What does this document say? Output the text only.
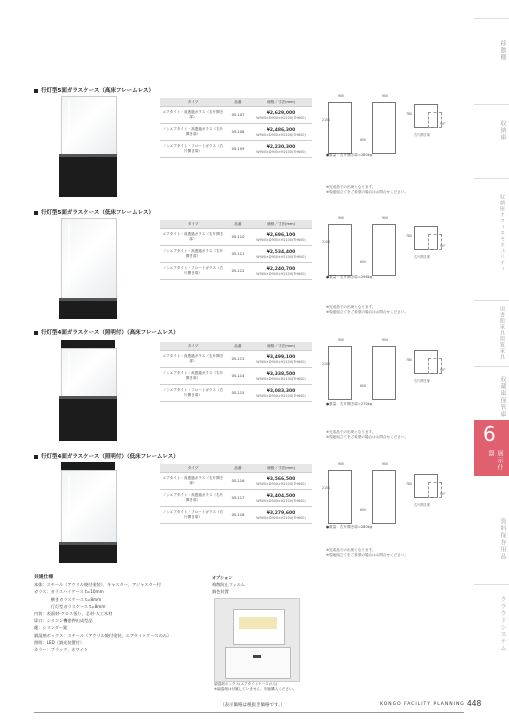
移動棚
収納庫
収納庫オフィスセキュリティ
図書館家具閲覧家具
収蔵庫保管庫
6
展示什器
資料保存用品
クラウドシステム
行灯型5面ガラスケース（高床フレームレス）
タイプ	品番	価格／寸法(mm)
エアタイト・高透過ガラス（右片開き扉）	05-107	¥2,629,000
W900×D900×H2100(TH600)

ノンエアタイト・高透過ガラス（右片開き扉）	05-108	¥2,486,300
W900×D900×H2100(TH600)

ノンエアタイト・フロートガラス（右片開き扉）	05-109	¥2,230,300
W900×D900×H2100(TH600)
900	900
2100
600
90°
右片開き扉
780
●重量：右片開き扉=280kg
※完成品での出荷となります。
※現地組立てをご希望の場合はお問合せください。
行灯型5面ガラスケース（低床フレームレス）
タイプ	品番	価格／寸法(mm)
エアタイト・高透過ガラス（右片開き扉）	05-110	¥2,696,100
W900×D900×H2100(TH600)

ノンエアタイト・高透過ガラス（右片開き扉）	05-111	¥2,534,400
W900×D900×H2100(TH600)

ノンエアタイト・フロートガラス（右片開き扉）	05-112	¥2,240,700
W900×D900×H2100(TH600)
900	900
2100
600
90°
右片開き扉
780
●重量：右片開き扉=296kg
※完成品での出荷となります。
※現地組立てをご希望の場合はお問合せください。
行灯型4面ガラスケース（照明付）（高床フレームレス）
タイプ	品番	価格／寸法(mm)
エアタイト・高透過ガラス（右片開き扉）	05-113	¥3,499,100
W900×D900×H2100(TH600)

ノンエアタイト・高透過ガラス（右片開き扉）	05-114	¥3,338,500
W900×D900×H2100(TH600)

ノンエアタイト・フロートガラス（右片開き扉）	05-115	¥3,083,300
W900×D900×H2100(TH600)
900	900
2100
600
90°
右片開き扉
780
●重量：右片開き扉=270kg
※完成品での出荷となります。
※現地組立てをご希望の場合はお問合せください。
行灯型4面ガラスケース（照明付）（低床フレームレス）
タイプ	品番	価格／寸法(mm)
エアタイト・高透過ガラス（右片開き扉）	05-116	¥3,566,500
W900×D900×H2100(TH600)

ノンエアタイト・高透過ガラス（右片開き扉）	05-117	¥3,404,500
W900×D900×H2100(TH600)

ノンエアタイト・フロートガラス（右片開き扉）	05-118	¥3,279,600
W900×D900×H2100(TH600)
900	900
2100
600
90°
右片開き扉
780
●重量：右片開き扉=280kg
※完成品での出荷となります。
※現地組立てをご希望の場合はお問合せください。
共通仕様
本体：スチール（アクリル焼付塗装）、キャスター、アジャスター付
ガラス：ガラスハイケース t=10mm
　　　　横きガラスケース t=8mm
　　　　行灯型ガラスケース t=8mm
内装：表面材-クロス張り、芯材-人工木材
扉口：シリコン機密押出成型品
鍵：シリンダー錠
調湿剤ボックス：スチール（アクリル焼付塗装、エアタイトケースのみ）
照明：LED（調光装置付）
カラー：ブラック、ホワイト
オプション
飛散防止フィルム
調色装置
調湿剤ボックス(エアタイトケースのみ)
※調湿剤は付属していません。別途購入ください。
（表示価格は税抜き価格です。）	KONGO FACILITY PLANNING 448
